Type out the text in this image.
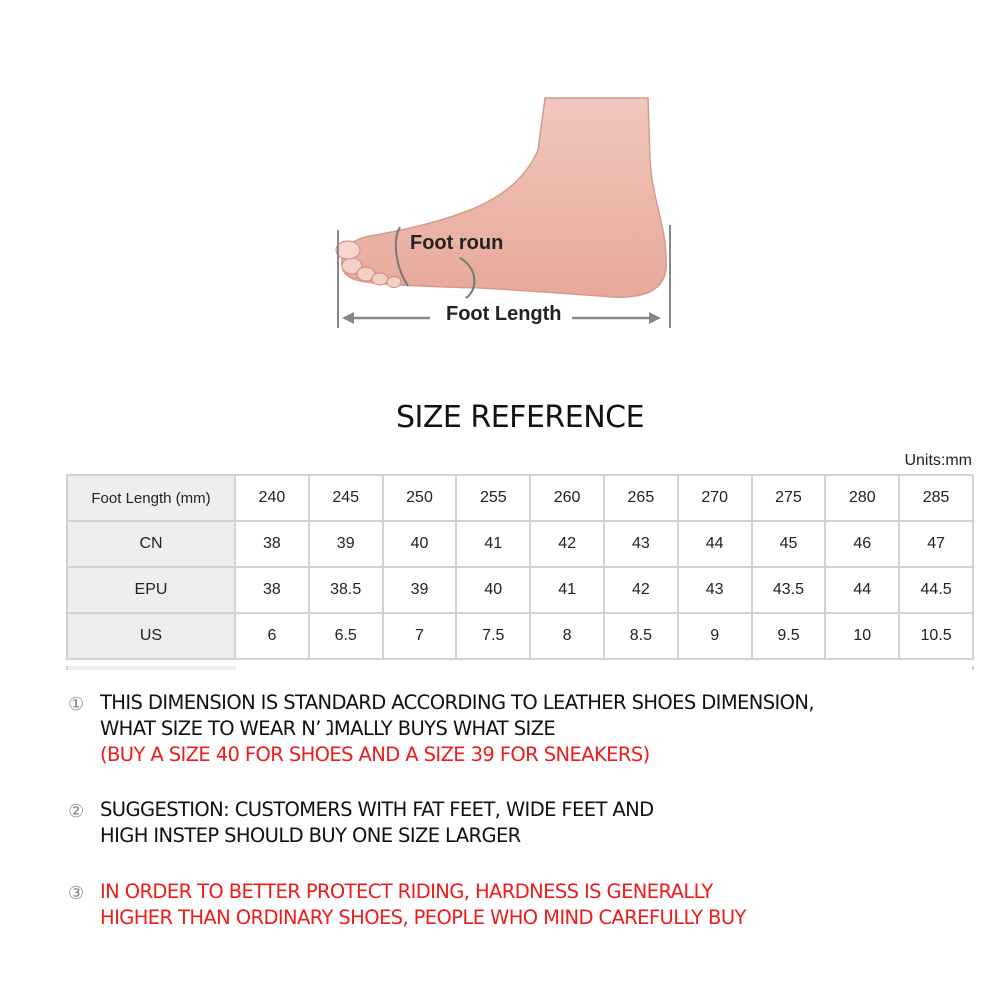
Foot roun
Foot Length
SIZE REFERENCE
Units:mm
Foot Length (mm)	240	245	250	255	260	265	270	275	280	285
CN	38	39	40	41	42	43	44	45	46	47
EPU	38	38.5	39	40	41	42	43	43.5	44	44.5
US	6	6.5	7	7.5	8	8.5	9	9.5	10	10.5
① THIS DIMENSION IS STANDARD ACCORDING TO LEATHER SHOES DIMENSION,
WHAT SIZE TO WEAR N’ ⱹMALLY BUYS WHAT SIZE
(BUY A SIZE 40 FOR SHOES AND A SIZE 39 FOR SNEAKERS)
② SUGGESTION: CUSTOMERS WITH FAT FEET, WIDE FEET AND
HIGH INSTEP SHOULD BUY ONE SIZE LARGER
③ IN ORDER TO BETTER PROTECT RIDING, HARDNESS IS GENERALLY
HIGHER THAN ORDINARY SHOES, PEOPLE WHO MIND CAREFULLY BUY
